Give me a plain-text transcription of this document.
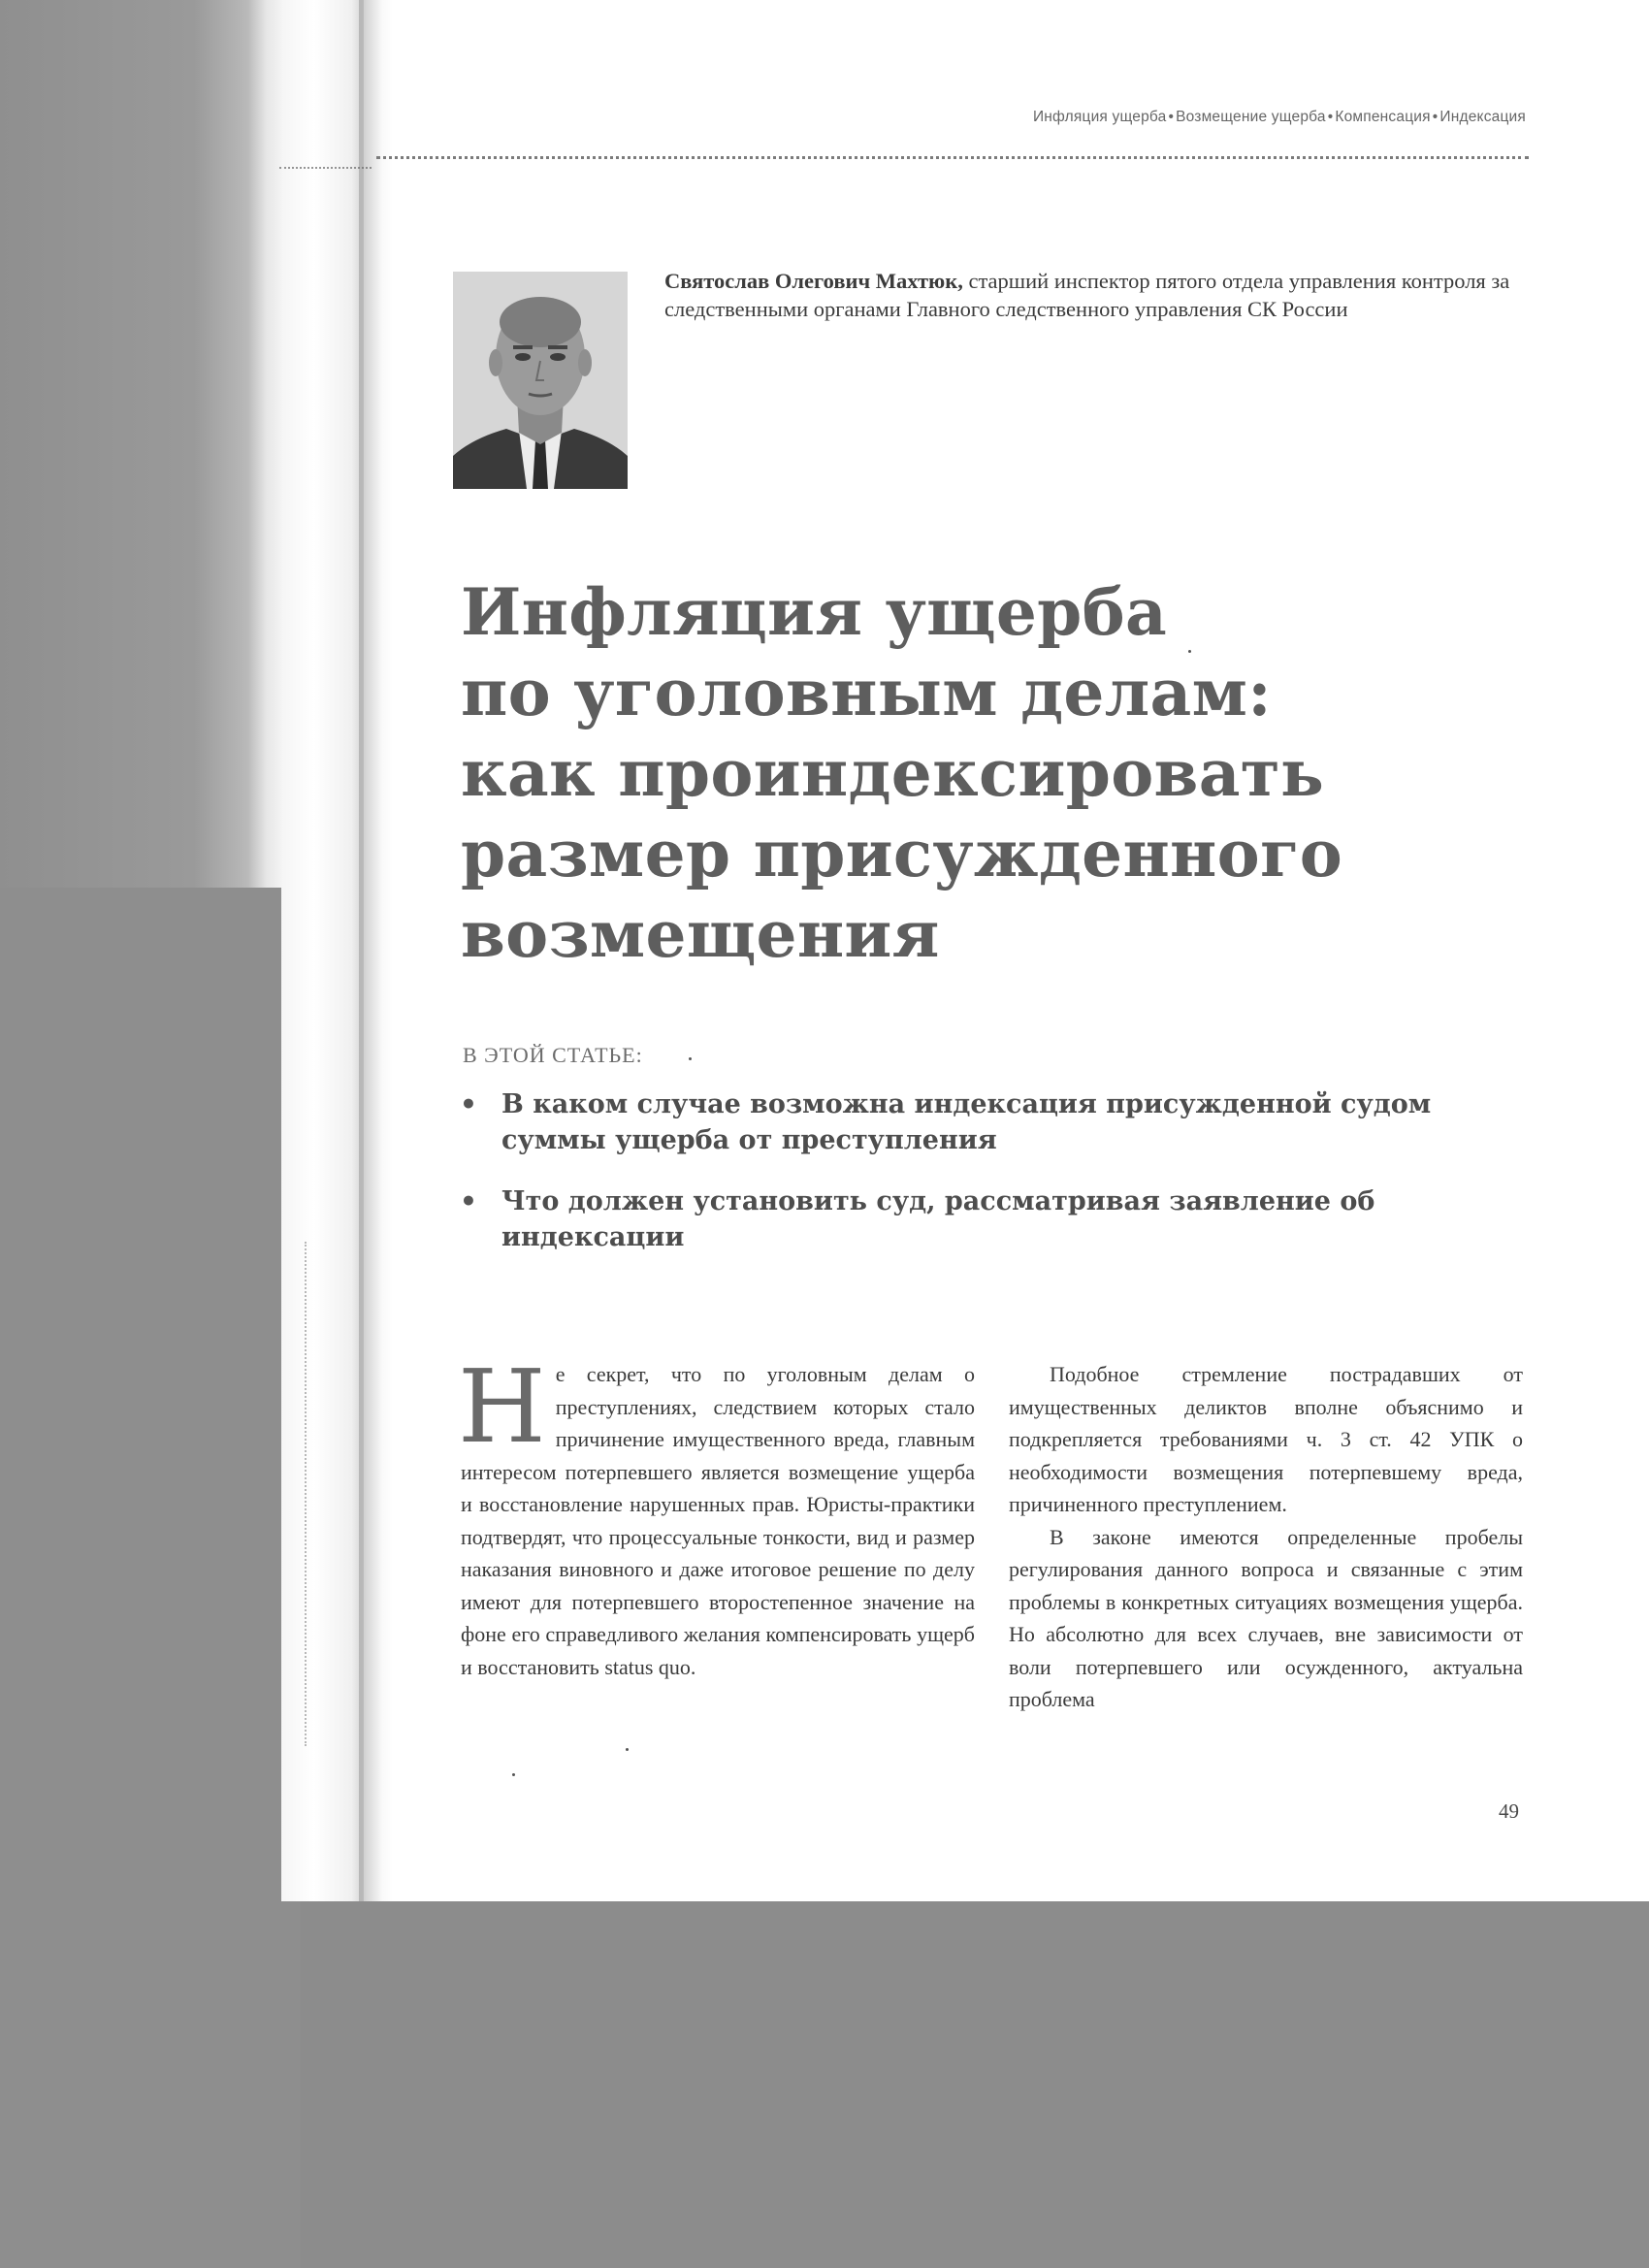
Инфляция ущерба • Возмещение ущерба • Компенсация • Индексация
Святослав Олегович Махтюк, старший инспектор пятого отдела управления контроля за следственными органами Главного следственного управления СК России
Инфляция ущерба
по уголовным делам:
как проиндексировать
размер присужденного
возмещения
В ЭТОЙ СТАТЬЕ:
• В каком случае возможна индексация присужденной судом суммы ущерба от преступления
• Что должен установить суд, рассматривая заявление об индексации

Не секрет, что по уголовным делам о преступлениях, следствием которых стало причинение имущественного вреда, главным интересом потерпевшего является возмещение ущерба и восстановление нарушенных прав. Юристы-практики подтвердят, что процессуальные тонкости, вид и размер наказания виновного и даже итоговое решение по делу имеют для потерпевшего второстепенное значение на фоне его справедливого желания компенсировать ущерб и восстановить status quo.

Подобное стремление пострадавших от имущественных деликтов вполне объяснимо и подкрепляется требованиями ч. 3 ст. 42 УПК о необходимости возмещения потерпевшему вреда, причиненного преступлением.

В законе имеются определенные пробелы регулирования данного вопроса и связанные с этим проблемы в конкретных ситуациях возмещения ущерба. Но абсолютно для всех случаев, вне зависимости от воли потерпевшего или осужденного, актуальна проблема

49
